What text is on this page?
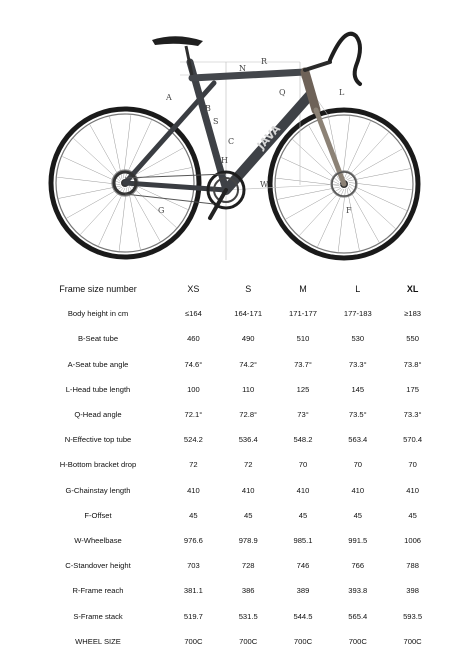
JAVA
A
B
C
F
G
H
L
N
Q
R
S
W
Frame size number	XS	S	M	L	XL
Body height in cm	≤164	164-171	171-177	177-183	≥183
B-Seat tube	460	490	510	530	550
A-Seat tube angle	74.6°	74.2°	73.7°	73.3°	73.8°
L-Head tube length	100	110	125	145	175
Q-Head angle	72.1°	72.8°	73°	73.5°	73.3°
N-Effective top tube	524.2	536.4	548.2	563.4	570.4
H-Bottom bracket drop	72	72	70	70	70
G-Chainstay length	410	410	410	410	410
F-Offset	45	45	45	45	45
W-Wheelbase	976.6	978.9	985.1	991.5	1006
C-Standover height	703	728	746	766	788
R-Frame reach	381.1	386	389	393.8	398
S-Frame stack	519.7	531.5	544.5	565.4	593.5
WHEEL SIZE	700C	700C	700C	700C	700C
